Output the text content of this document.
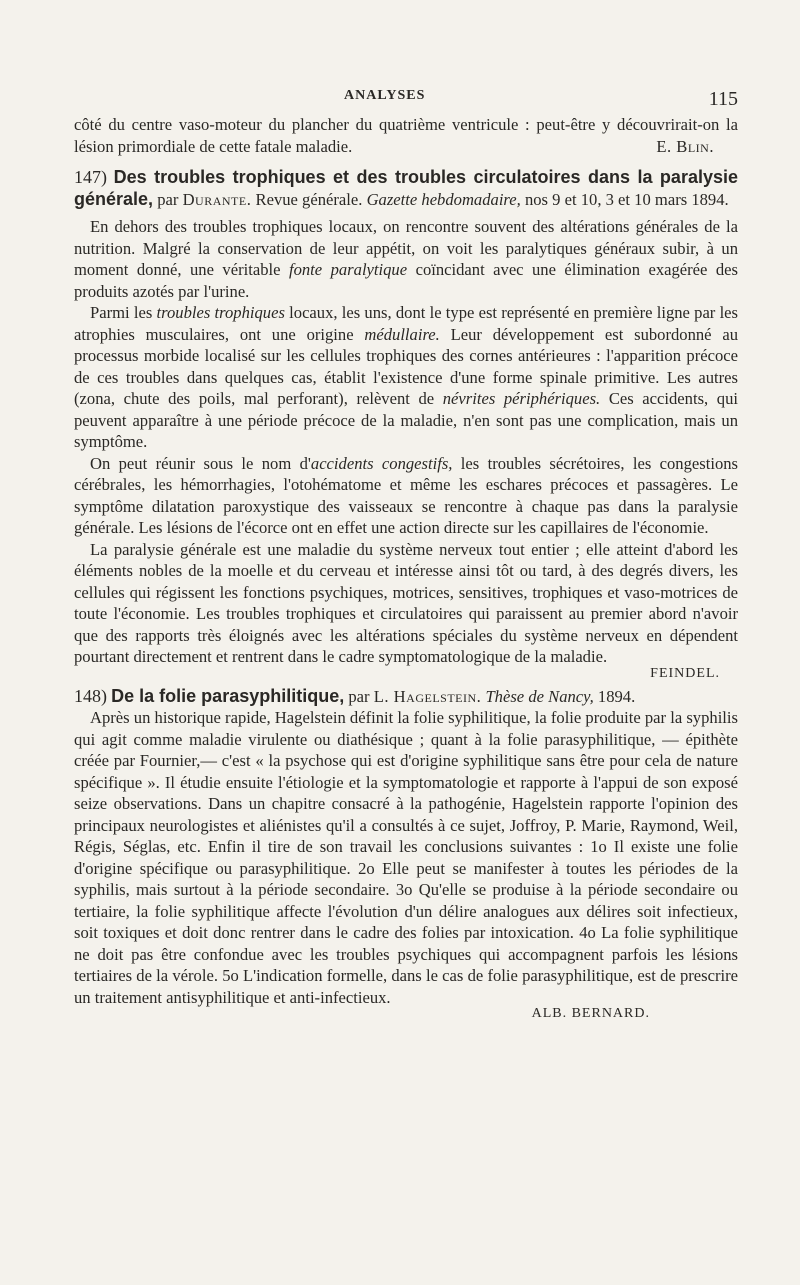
ANALYSES	115

côté du centre vaso-moteur du plancher du quatrième ventricule : peut-être y découvrirait-on la lésion primordiale de cette fatale maladie.	E. Blin.

147) Des troubles trophiques et des troubles circulatoires dans la paralysie générale, par Durante. Revue générale. Gazette hebdomadaire, nos 9 et 10, 3 et 10 mars 1894.

En dehors des troubles trophiques locaux, on rencontre souvent des altérations générales de la nutrition. Malgré la conservation de leur appétit, on voit les paralytiques généraux subir, à un moment donné, une véritable fonte paralytique coïncidant avec une élimination exagérée des produits azotés par l'urine.

Parmi les troubles trophiques locaux, les uns, dont le type est représenté en première ligne par les atrophies musculaires, ont une origine médullaire. Leur développement est subordonné au processus morbide localisé sur les cellules trophiques des cornes antérieures : l'apparition précoce de ces troubles dans quelques cas, établit l'existence d'une forme spinale primitive. Les autres (zona, chute des poils, mal perforant), relèvent de névrites périphériques. Ces accidents, qui peuvent apparaître à une période précoce de la maladie, n'en sont pas une complication, mais un symptôme.

On peut réunir sous le nom d'accidents congestifs, les troubles sécrétoires, les congestions cérébrales, les hémorrhagies, l'otohématome et même les eschares précoces et passagères. Le symptôme dilatation paroxystique des vaisseaux se rencontre à chaque pas dans la paralysie générale. Les lésions de l'écorce ont en effet une action directe sur les capillaires de l'économie.

La paralysie générale est une maladie du système nerveux tout entier ; elle atteint d'abord les éléments nobles de la moelle et du cerveau et intéresse ainsi tôt ou tard, à des degrés divers, les cellules qui régissent les fonctions psychiques, motrices, sensitives, trophiques et vaso-motrices de toute l'économie. Les troubles trophiques et circulatoires qui paraissent au premier abord n'avoir que des rapports très éloignés avec les altérations spéciales du système nerveux en dépendent pourtant directement et rentrent dans le cadre symptomatologique de la maladie.

FEINDEL.
148) De la folie parasyphilitique, par L. Hagelstein. Thèse de Nancy, 1894.

Après un historique rapide, Hagelstein définit la folie syphilitique, la folie produite par la syphilis qui agit comme maladie virulente ou diathésique ; quant à la folie parasyphilitique, — épithète créée par Fournier,— c'est « la psychose qui est d'origine syphilitique sans être pour cela de nature spécifique ». Il étudie ensuite l'étiologie et la symptomatologie et rapporte à l'appui de son exposé seize observations. Dans un chapitre consacré à la pathogénie, Hagelstein rapporte l'opinion des principaux neurologistes et aliénistes qu'il a consultés à ce sujet, Joffroy, P. Marie, Raymond, Weil, Régis, Séglas, etc. Enfin il tire de son travail les conclusions suivantes : 1o Il existe une folie d'origine spécifique ou parasyphilitique. 2o Elle peut se manifester à toutes les périodes de la syphilis, mais surtout à la période secondaire. 3o Qu'elle se produise à la période secondaire ou tertiaire, la folie syphilitique affecte l'évolution d'un délire analogues aux délires soit infectieux, soit toxiques et doit donc rentrer dans le cadre des folies par intoxication. 4o La folie syphilitique ne doit pas être confondue avec les troubles psychiques qui accompagnent parfois les lésions tertiaires de la vérole. 5o L'indication formelle, dans le cas de folie parasyphilitique, est de prescrire un traitement antisyphilitique et anti-infectieux.

ALB. BERNARD.
